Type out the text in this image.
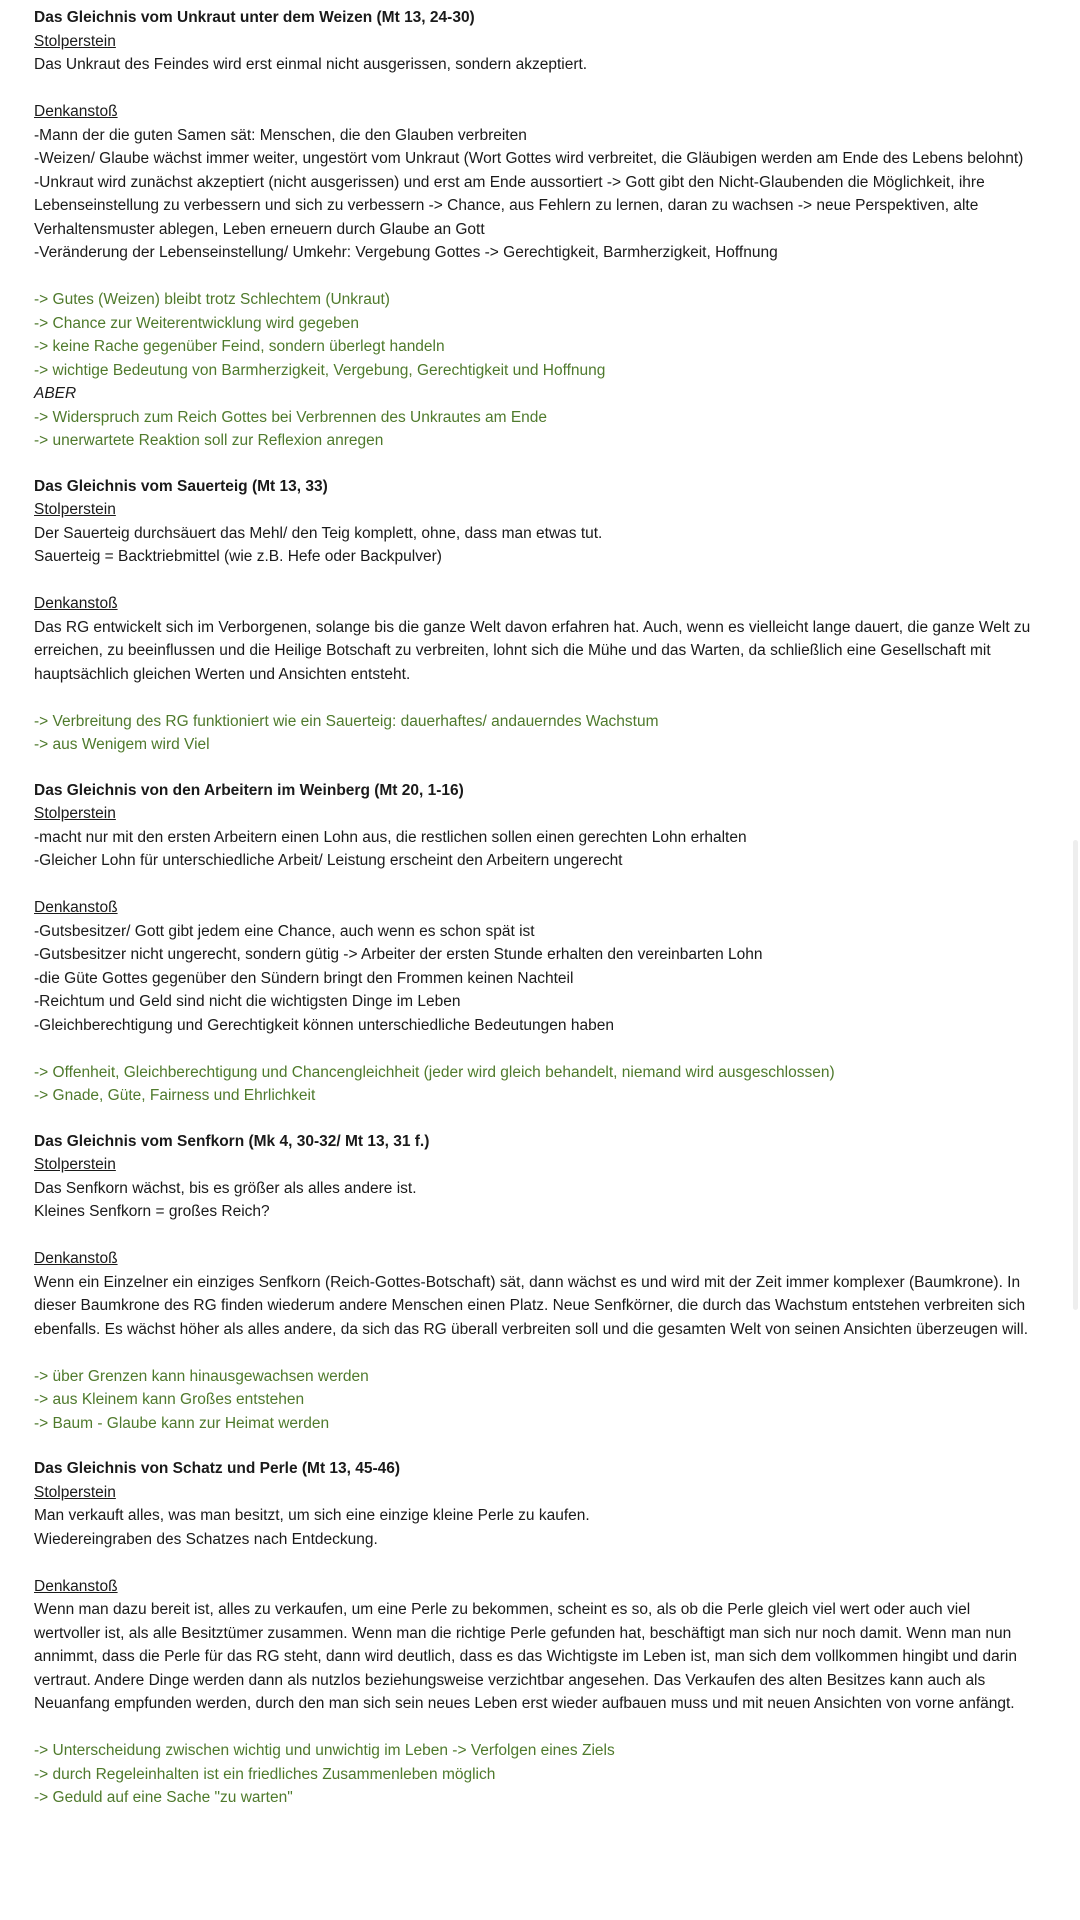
Das Gleichnis vom Unkraut unter dem Weizen (Mt 13, 24-30)
Stolperstein
Das Unkraut des Feindes wird erst einmal nicht ausgerissen, sondern akzeptiert.
Denkanstoß
-Mann der die guten Samen sät: Menschen, die den Glauben verbreiten
-Weizen/ Glaube wächst immer weiter, ungestört vom Unkraut (Wort Gottes wird verbreitet, die Gläubigen werden am Ende des Lebens belohnt)
-Unkraut wird zunächst akzeptiert (nicht ausgerissen) und erst am Ende aussortiert -> Gott gibt den Nicht-Glaubenden die Möglichkeit, ihre Lebenseinstellung zu verbessern und sich zu verbessern -> Chance, aus Fehlern zu lernen, daran zu wachsen -> neue Perspektiven, alte Verhaltensmuster ablegen, Leben erneuern durch Glaube an Gott
-Veränderung der Lebenseinstellung/ Umkehr: Vergebung Gottes -> Gerechtigkeit, Barmherzigkeit, Hoffnung
-> Gutes (Weizen) bleibt trotz Schlechtem (Unkraut)
-> Chance zur Weiterentwicklung wird gegeben
-> keine Rache gegenüber Feind, sondern überlegt handeln
-> wichtige Bedeutung von Barmherzigkeit, Vergebung, Gerechtigkeit und Hoffnung
ABER
-> Widerspruch zum Reich Gottes bei Verbrennen des Unkrautes am Ende
-> unerwartete Reaktion soll zur Reflexion anregen
Das Gleichnis vom Sauerteig (Mt 13, 33)
Stolperstein
Der Sauerteig durchsäuert das Mehl/ den Teig komplett, ohne, dass man etwas tut.
Sauerteig = Backtriebmittel (wie z.B. Hefe oder Backpulver)
Denkanstoß
Das RG entwickelt sich im Verborgenen, solange bis die ganze Welt davon erfahren hat. Auch, wenn es vielleicht lange dauert, die ganze Welt zu erreichen, zu beeinflussen und die Heilige Botschaft zu verbreiten, lohnt sich die Mühe und das Warten, da schließlich eine Gesellschaft mit hauptsächlich gleichen Werten und Ansichten entsteht.
-> Verbreitung des RG funktioniert wie ein Sauerteig: dauerhaftes/ andauerndes Wachstum
-> aus Wenigem wird Viel
Das Gleichnis von den Arbeitern im Weinberg (Mt 20, 1-16)
Stolperstein
-macht nur mit den ersten Arbeitern einen Lohn aus, die restlichen sollen einen gerechten Lohn erhalten
-Gleicher Lohn für unterschiedliche Arbeit/ Leistung erscheint den Arbeitern ungerecht
Denkanstoß
-Gutsbesitzer/ Gott gibt jedem eine Chance, auch wenn es schon spät ist
-Gutsbesitzer nicht ungerecht, sondern gütig -> Arbeiter der ersten Stunde erhalten den vereinbarten Lohn
-die Güte Gottes gegenüber den Sündern bringt den Frommen keinen Nachteil
-Reichtum und Geld sind nicht die wichtigsten Dinge im Leben
-Gleichberechtigung und Gerechtigkeit können unterschiedliche Bedeutungen haben
-> Offenheit, Gleichberechtigung und Chancengleichheit (jeder wird gleich behandelt, niemand wird ausgeschlossen)
-> Gnade, Güte, Fairness und Ehrlichkeit
Das Gleichnis vom Senfkorn (Mk 4, 30-32/ Mt 13, 31 f.)
Stolperstein
Das Senfkorn wächst, bis es größer als alles andere ist.
Kleines Senfkorn = großes Reich?
Denkanstoß
Wenn ein Einzelner ein einziges Senfkorn (Reich-Gottes-Botschaft) sät, dann wächst es und wird mit der Zeit immer komplexer (Baumkrone). In dieser Baumkrone des RG finden wiederum andere Menschen einen Platz. Neue Senfkörner, die durch das Wachstum entstehen verbreiten sich ebenfalls. Es wächst höher als alles andere, da sich das RG überall verbreiten soll und die gesamten Welt von seinen Ansichten überzeugen will.
-> über Grenzen kann hinausgewachsen werden
-> aus Kleinem kann Großes entstehen
-> Baum - Glaube kann zur Heimat werden
Das Gleichnis von Schatz und Perle (Mt 13, 45-46)
Stolperstein
Man verkauft alles, was man besitzt, um sich eine einzige kleine Perle zu kaufen.
Wiedereingraben des Schatzes nach Entdeckung.
Denkanstoß
Wenn man dazu bereit ist, alles zu verkaufen, um eine Perle zu bekommen, scheint es so, als ob die Perle gleich viel wert oder auch viel wertvoller ist, als alle Besitztümer zusammen. Wenn man die richtige Perle gefunden hat, beschäftigt man sich nur noch damit. Wenn man nun annimmt, dass die Perle für das RG steht, dann wird deutlich, dass es das Wichtigste im Leben ist, man sich dem vollkommen hingibt und darin vertraut. Andere Dinge werden dann als nutzlos beziehungsweise verzichtbar angesehen. Das Verkaufen des alten Besitzes kann auch als Neuanfang empfunden werden, durch den man sich sein neues Leben erst wieder aufbauen muss und mit neuen Ansichten von vorne anfängt.
-> Unterscheidung zwischen wichtig und unwichtig im Leben -> Verfolgen eines Ziels
-> durch Regeleinhalten ist ein friedliches Zusammenleben möglich
-> Geduld auf eine Sache "zu warten"
